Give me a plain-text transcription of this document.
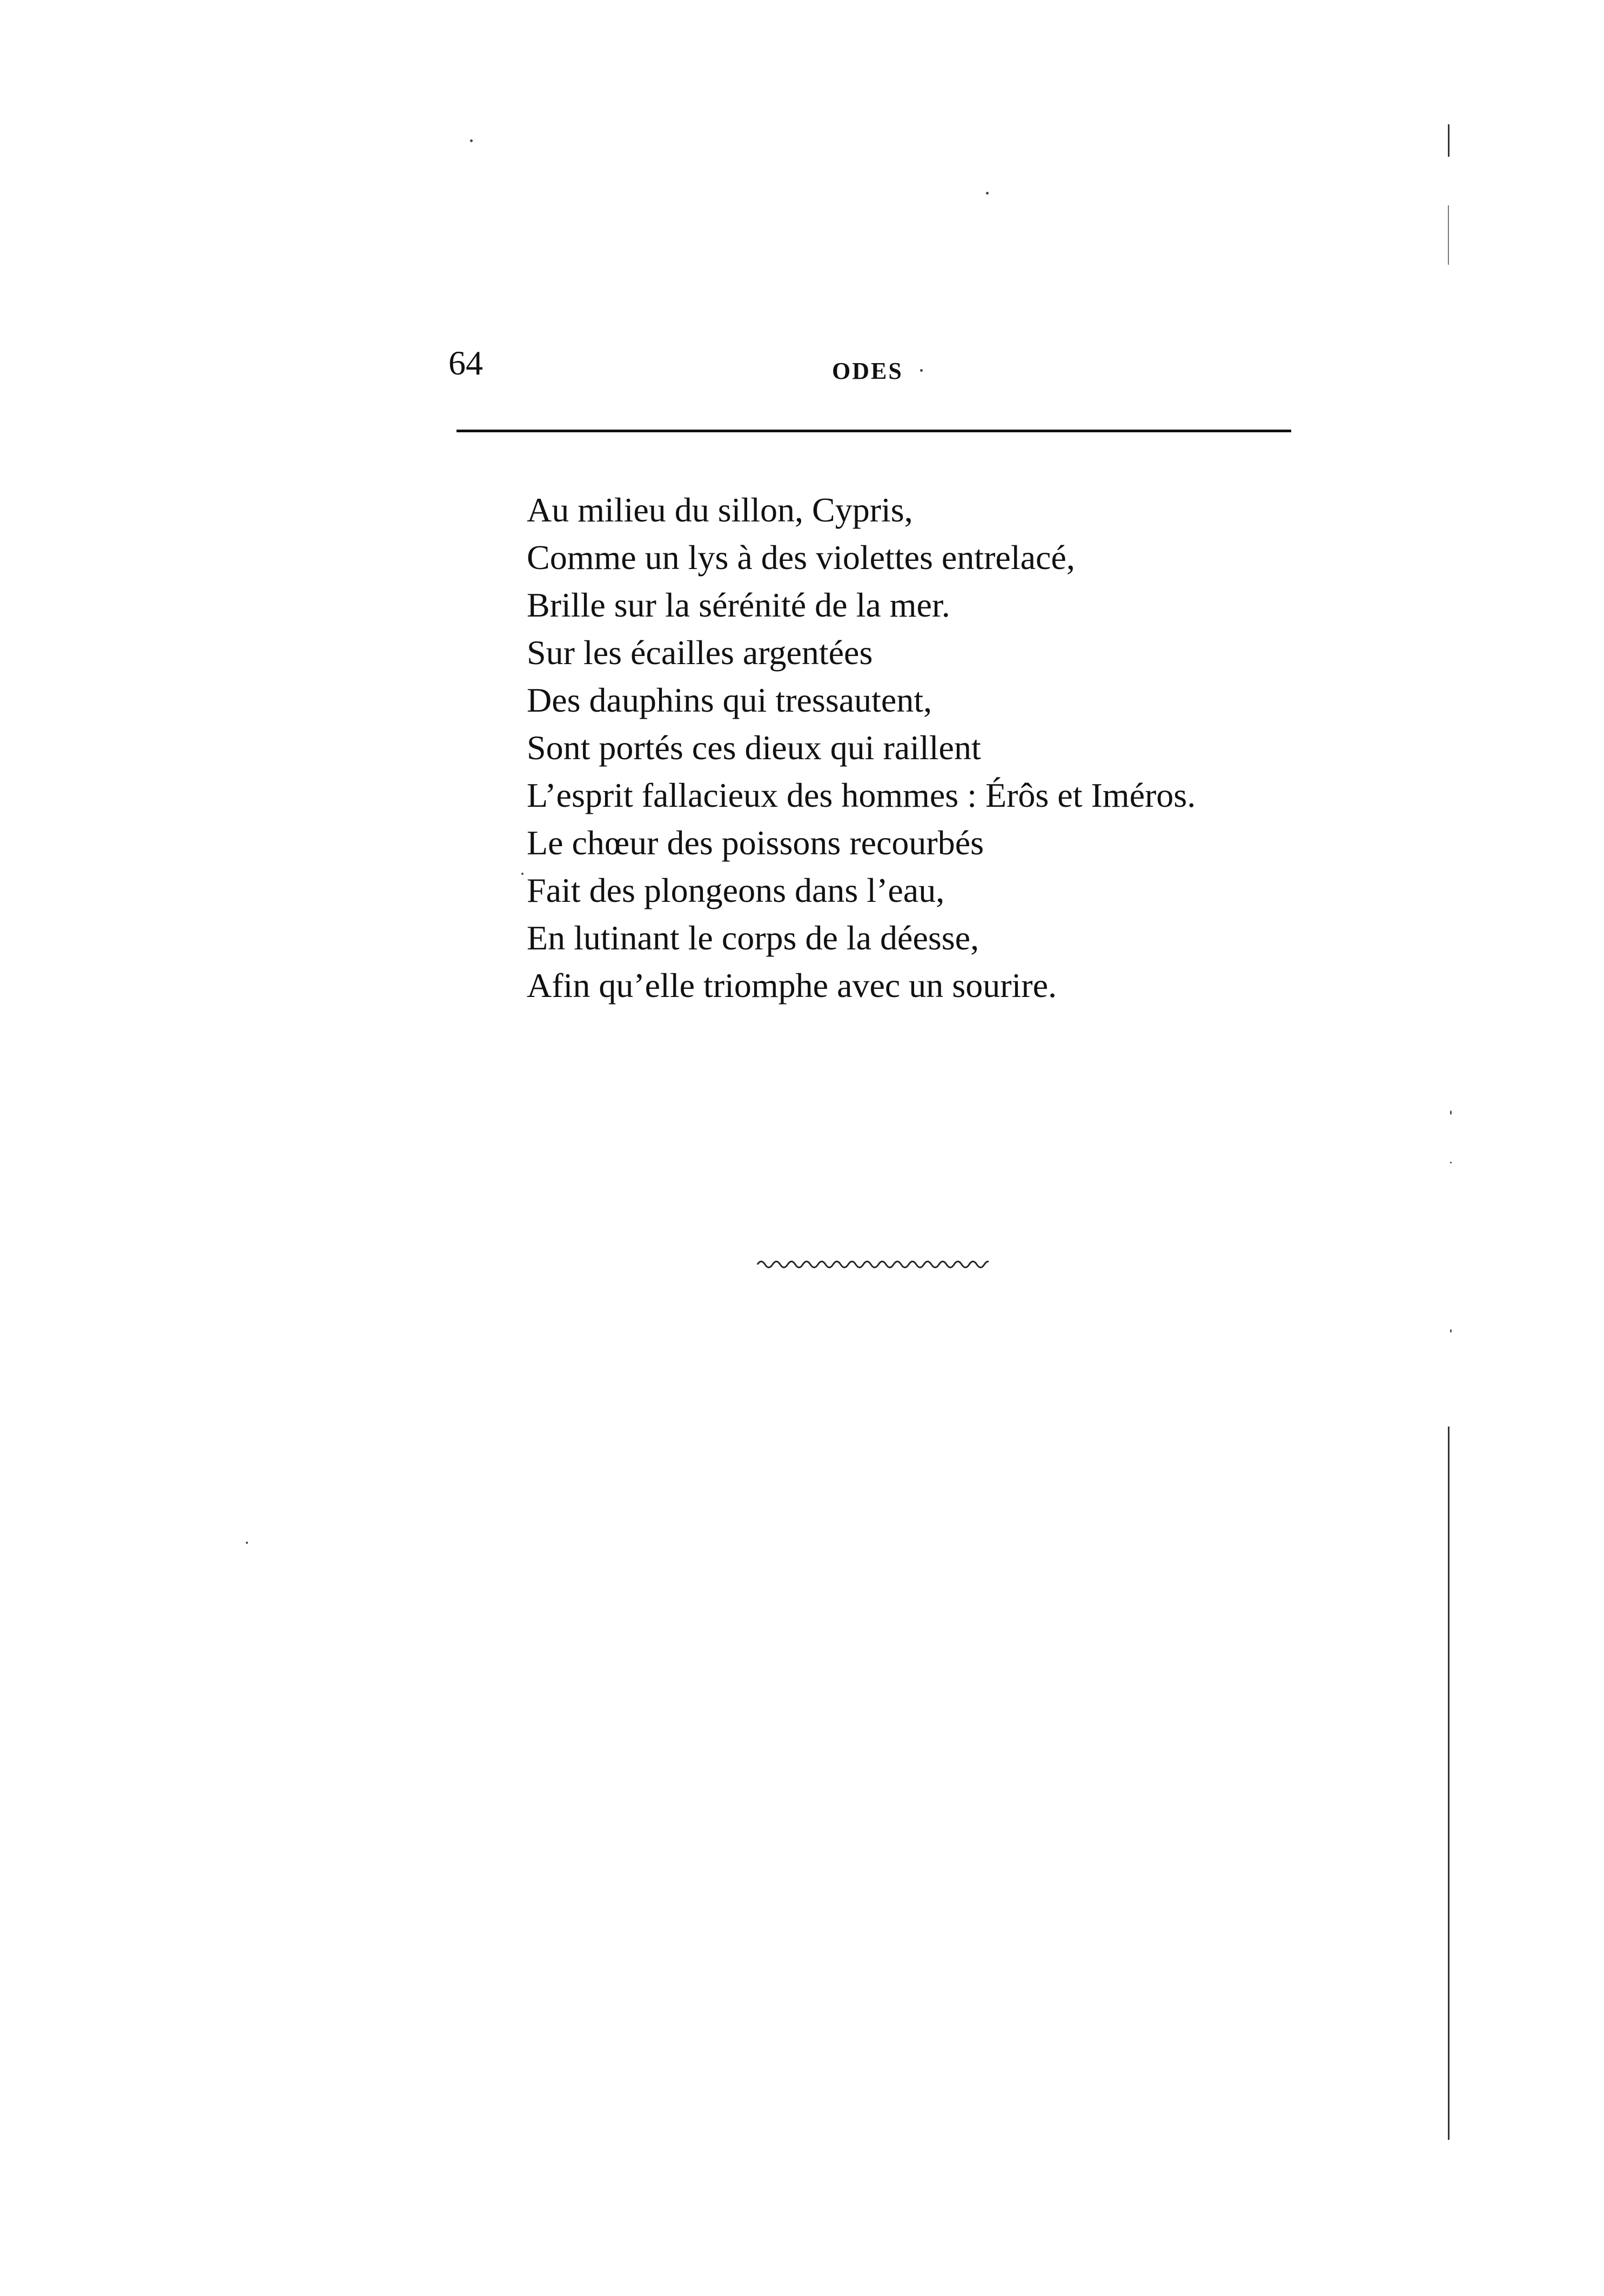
64	ODES
Au milieu du sillon, Cypris,
Comme un lys à des violettes entrelacé,
Brille sur la sérénité de la mer.
Sur les écailles argentées
Des dauphins qui tressautent,
Sont portés ces dieux qui raillent
L’esprit fallacieux des hommes : Érôs et Iméros.
Le chœur des poissons recourbés
Fait des plongeons dans l’eau,
En lutinant le corps de la déesse,
Afin qu’elle triomphe avec un sourire.
